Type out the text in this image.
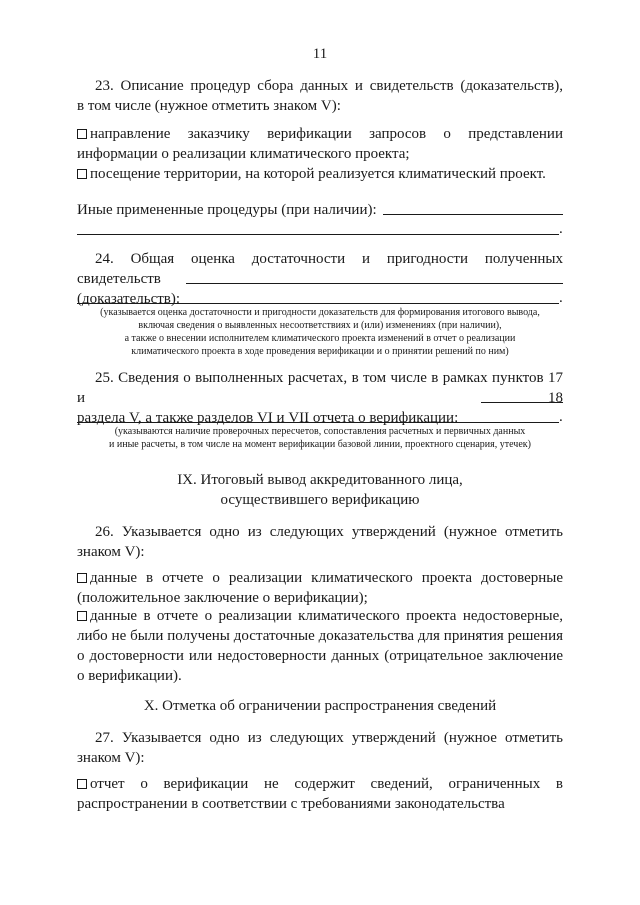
11
23. Описание процедур сбора данных и свидетельств (доказательств),
в том числе (нужное отметить знаком V):
направление заказчику верификации запросов о представлении информации о реализации климатического проекта;
посещение территории, на которой реализуется климатический проект.
Иные примененные процедуры (при наличии):
.
24. Общая оценка достаточности и пригодности полученных свидетельств
(доказательств):	.
(указывается оценка достаточности и пригодности доказательств для формирования итогового вывода,
включая сведения о выявленных несоответствиях и (или) изменениях (при наличии),
а также о внесении исполнителем климатического проекта изменений в отчет о реализации
климатического проекта в ходе проведения верификации и о принятии решений по ним)
25. Сведения о выполненных расчетах, в том числе в рамках пунктов 17 и 18
раздела V, а также разделов VI и VII отчета о верификации:	.
(указываются наличие проверочных пересчетов, сопоставления расчетных и первичных данных
и иные расчеты, в том числе на момент верификации базовой линии, проектного сценария, утечек)
IX. Итоговый вывод аккредитованного лица,
осуществившего верификацию
26. Указывается одно из следующих утверждений (нужное отметить знаком V):
данные в отчете о реализации климатического проекта достоверные (положительное заключение о верификации);
данные в отчете о реализации климатического проекта недостоверные, либо не были получены достаточные доказательства для принятия решения о достоверности или недостоверности данных (отрицательное заключение о верификации).
X. Отметка об ограничении распространения сведений
27. Указывается одно из следующих утверждений (нужное отметить знаком V):
отчет о верификации не содержит сведений, ограниченных в распространении в соответствии с требованиями законодательства
